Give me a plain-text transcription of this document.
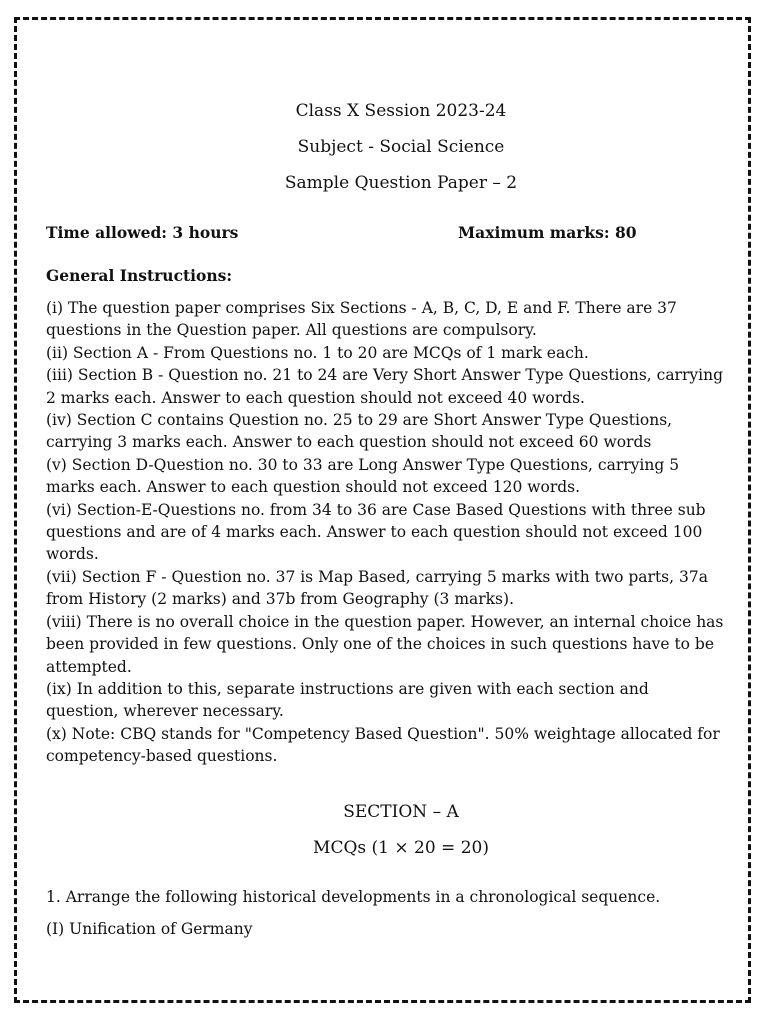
Class X Session 2023-24
Subject - Social Science
Sample Question Paper – 2
Time allowed: 3 hours	Maximum marks: 80
General Instructions:

(i) The question paper comprises Six Sections - A, B, C, D, E and F. There are 37 questions in the Question paper. All questions are compulsory.

(ii) Section A - From Questions no. 1 to 20 are MCQs of 1 mark each.

(iii) Section B - Question no. 21 to 24 are Very Short Answer Type Questions, carrying 2 marks each. Answer to each question should not exceed 40 words.

(iv) Section C contains Question no. 25 to 29 are Short Answer Type Questions, carrying 3 marks each. Answer to each question should not exceed 60 words

(v) Section D-Question no. 30 to 33 are Long Answer Type Questions, carrying 5 marks each. Answer to each question should not exceed 120 words.

(vi) Section-E-Questions no. from 34 to 36 are Case Based Questions with three sub questions and are of 4 marks each. Answer to each question should not exceed 100 words.

(vii) Section F - Question no. 37 is Map Based, carrying 5 marks with two parts, 37a from History (2 marks) and 37b from Geography (3 marks).

(viii) There is no overall choice in the question paper. However, an internal choice has been provided in few questions. Only one of the choices in such questions have to be attempted.

(ix) In addition to this, separate instructions are given with each section and question, wherever necessary.

(x) Note: CBQ stands for "Competency Based Question". 50% weightage allocated for competency-based questions.

SECTION – A
MCQs (1 × 20 = 20)
1. Arrange the following historical developments in a chronological sequence.
(I) Unification of Germany
